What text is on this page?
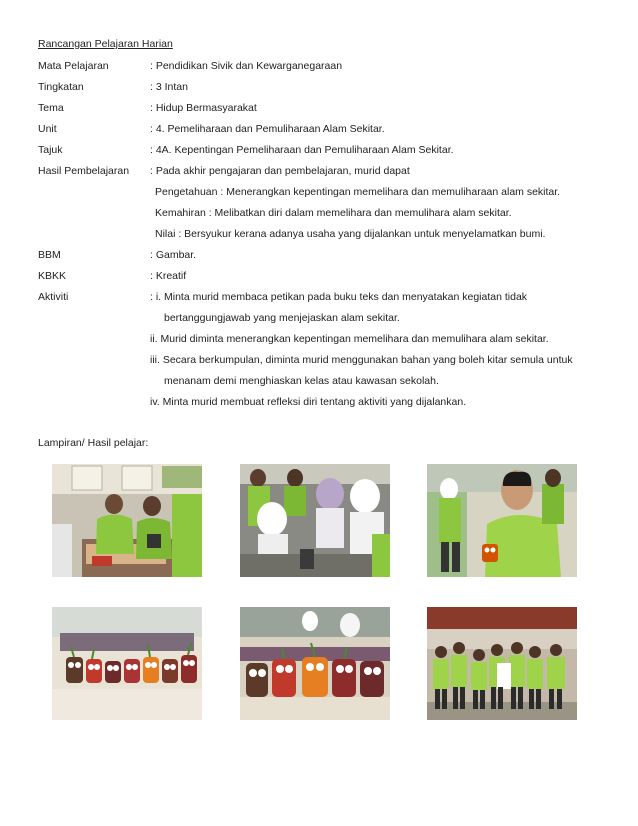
Rancangan Pelajaran Harian
Mata Pelajaran	: Pendidikan Sivik dan Kewarganegaraan
Tingkatan	: 3 Intan
Tema	: Hidup Bermasyarakat
Unit	: 4. Pemeliharaan dan Pemuliharaan Alam Sekitar.
Tajuk	: 4A. Kepentingan Pemeliharaan dan Pemuliharaan Alam Sekitar.
Hasil Pembelajaran	: Pada akhir pengajaran dan pembelajaran, murid dapat
Pengetahuan : Menerangkan kepentingan memelihara dan memuliharaan alam sekitar.
Kemahiran : Melibatkan diri dalam memelihara dan memulihara alam sekitar.
Nilai : Bersyukur kerana adanya usaha yang dijalankan untuk menyelamatkan bumi.
BBM	: Gambar.
KBKK	: Kreatif
Aktiviti	: i. Minta murid membaca petikan pada buku teks dan menyatakan kegiatan tidak
bertanggungjawab yang menjejaskan alam sekitar.
ii. Murid diminta menerangkan kepentingan memelihara dan memulihara alam sekitar.
iii. Secara berkumpulan, diminta murid menggunakan bahan yang boleh kitar semula untuk
menanam demi menghiaskan kelas atau kawasan sekolah.
iv. Minta murid membuat refleksi diri tentang aktiviti yang dijalankan.
Lampiran/ Hasil pelajar:
